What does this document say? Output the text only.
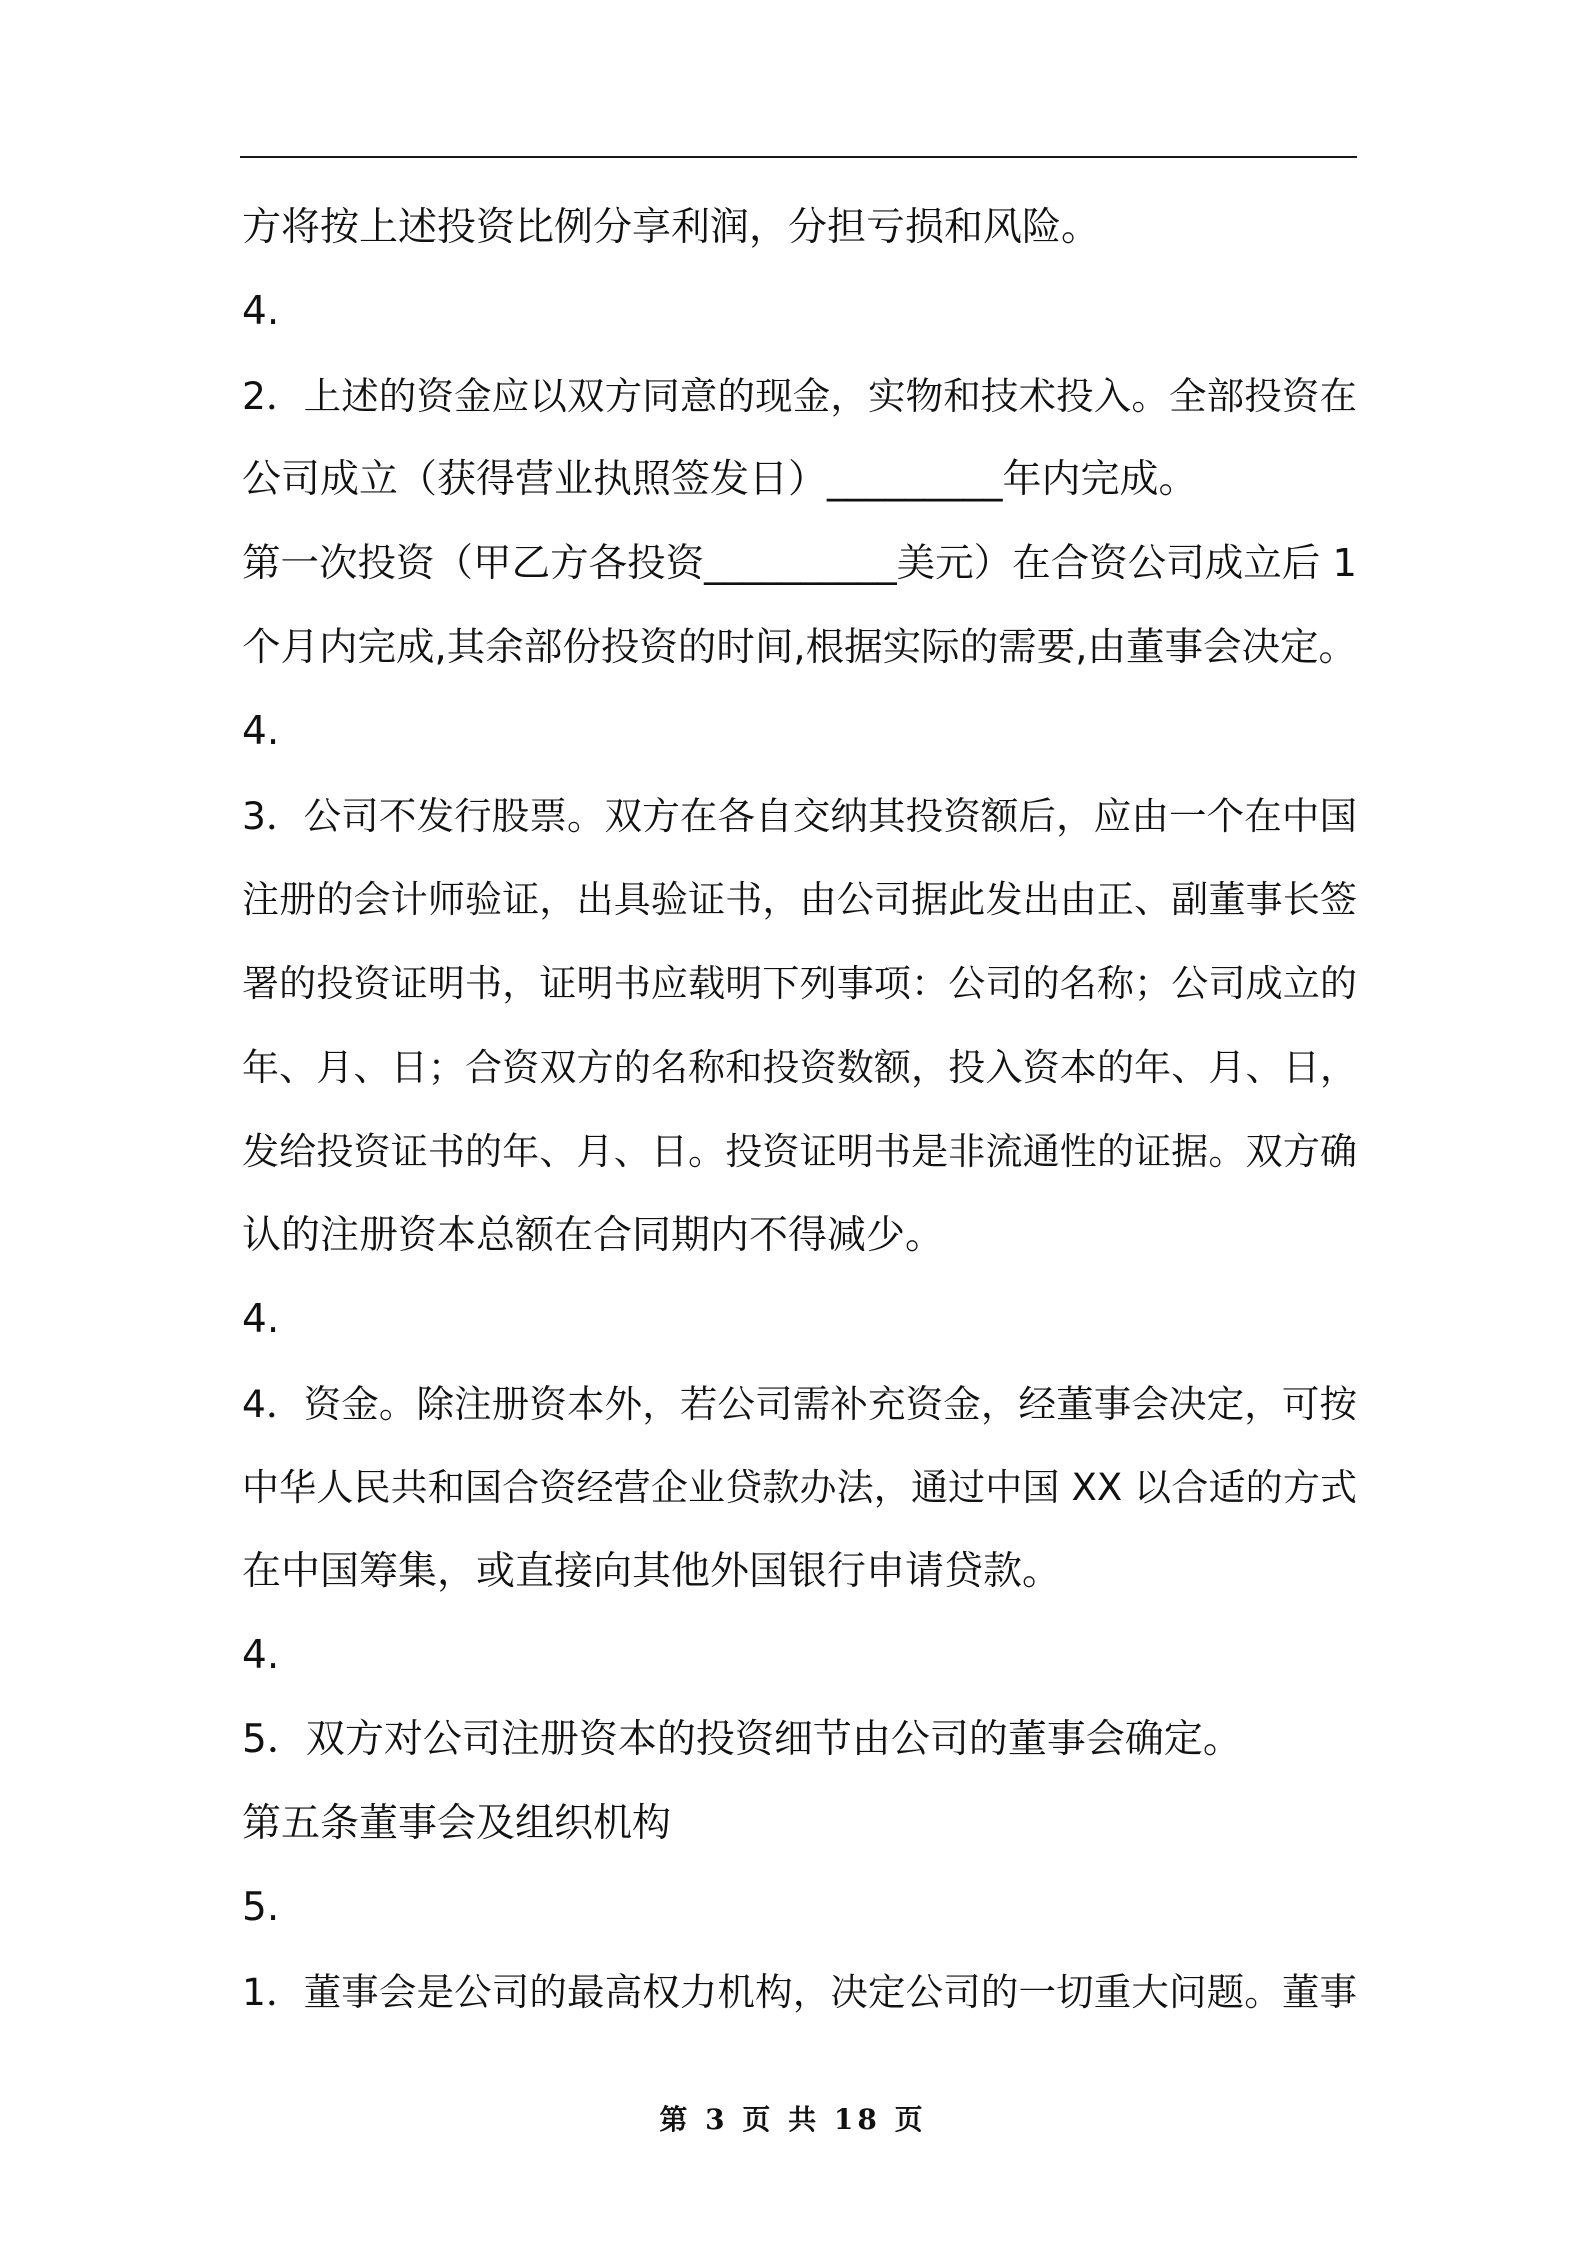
方将按上述投资比例分享利润，分担亏损和风险。
4.
2．上述的资金应以双方同意的现金，实物和技术投入。全部投资在
公司成立（获得营业执照签发日）_________年内完成。
第一次投资（甲乙方各投资__________美元）在合资公司成立后 1
个月内完成,其余部份投资的时间,根据实际的需要,由董事会决定。
4.
3．公司不发行股票。双方在各自交纳其投资额后，应由一个在中国
注册的会计师验证，出具验证书，由公司据此发出由正、副董事长签
署的投资证明书，证明书应载明下列事项：公司的名称；公司成立的
年、月、日；合资双方的名称和投资数额，投入资本的年、月、日，
发给投资证书的年、月、日。投资证明书是非流通性的证据。双方确
认的注册资本总额在合同期内不得减少。
4.
4．资金。除注册资本外，若公司需补充资金，经董事会决定，可按
中华人民共和国合资经营企业贷款办法，通过中国 XX 以合适的方式
在中国筹集，或直接向其他外国银行申请贷款。
4.
5．双方对公司注册资本的投资细节由公司的董事会确定。
第五条董事会及组织机构
5.
1．董事会是公司的最高权力机构，决定公司的一切重大问题。董事
第 3 页 共 18 页
